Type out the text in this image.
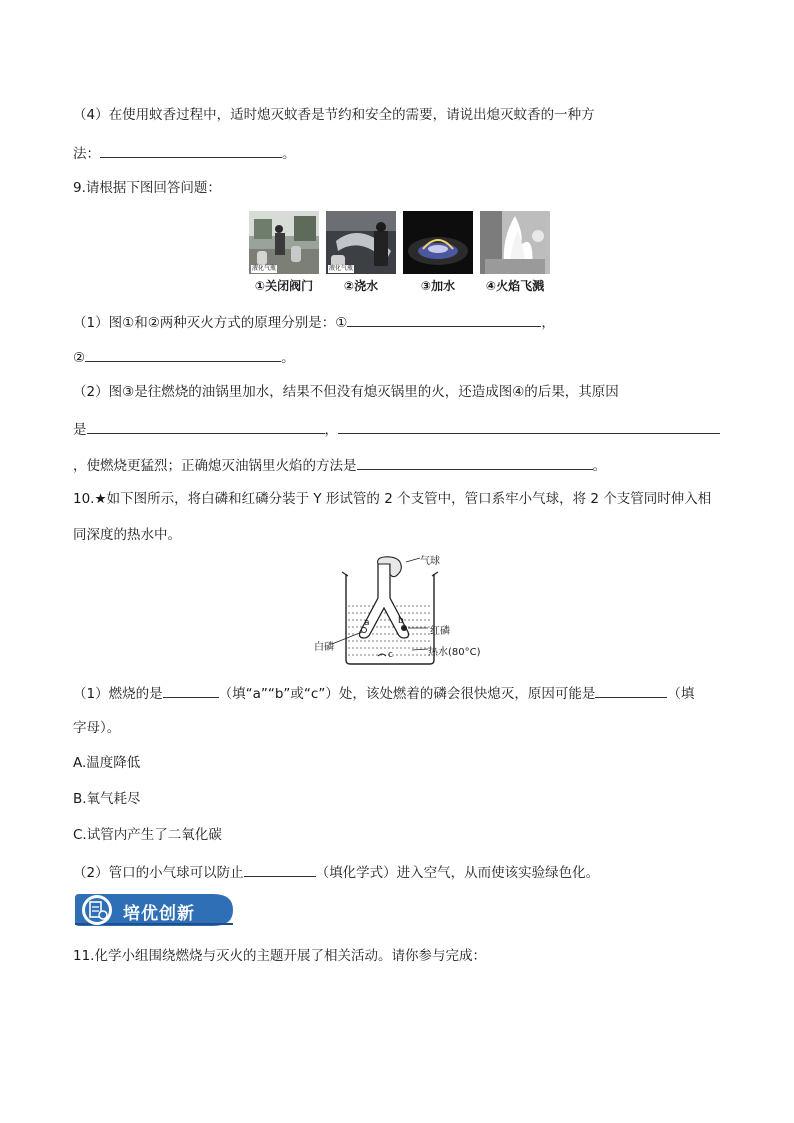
（4）在使用蚊香过程中，适时熄灭蚊香是节约和安全的需要，请说出熄灭蚊香的一种方
法：	。
9.请根据下图回答问题：
液化气瓶	液化气瓶
①关闭阀门	②浇水	③加水	④火焰飞溅
（1）图①和②两种灭火方式的原理分别是：①	，
②	。
（2）图③是往燃烧的油锅里加水，结果不但没有熄灭锅里的火，还造成图④的后果，其原因
是	，
，使燃烧更猛烈；正确熄灭油锅里火焰的方法是	。
10.★如下图所示，将白磷和红磷分装于 Y 形试管的 2 个支管中，管口系牢小气球，将 2 个支管同时伸入相
同深度的热水中。
气球
白磷
红磷
热水(80°C)
a	b
c
（1）燃烧的是	（填“a”“b”或“c”）处，该处燃着的磷会很快熄灭，原因可能是	（填
字母）。
A.温度降低
B.氧气耗尽
C.试管内产生了二氧化碳
（2）管口的小气球可以防止	（填化学式）进入空气，从而使该实验绿色化。
培优创新
11.化学小组围绕燃烧与灭火的主题开展了相关活动。请你参与完成：
